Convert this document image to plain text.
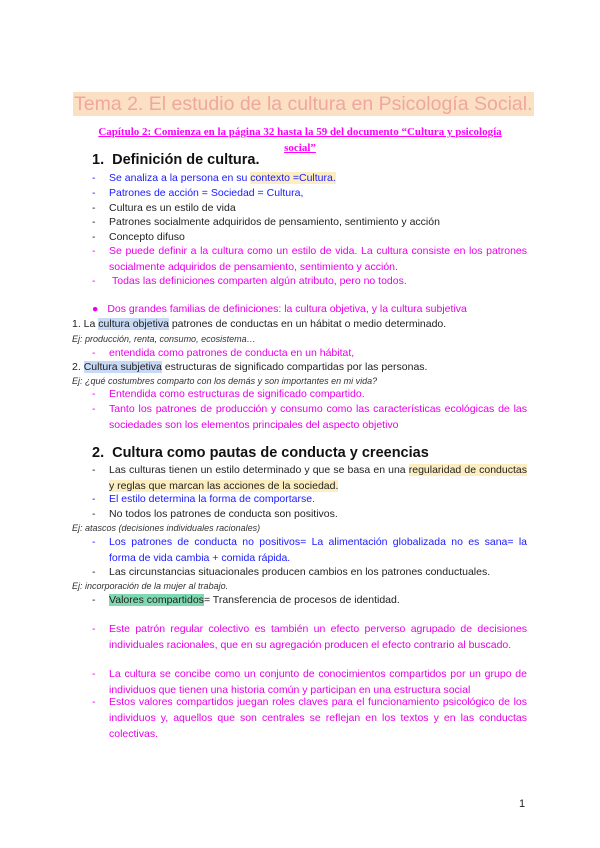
Tema 2. El estudio de la cultura en Psicología Social.
Capítulo 2: Comienza en la página 32 hasta la 59 del documento “Cultura y psicología
social”
1. Definición de cultura.
- Se analiza a la persona en su contexto =Cultura.
- Patrones de acción = Sociedad = Cultura,
- Cultura es un estilo de vida
- Patrones socialmente adquiridos de pensamiento, sentimiento y acción
- Concepto difuso
- Se puede definir a la cultura como un estilo de vida. La cultura consiste en los patrones socialmente adquiridos de pensamiento, sentimiento y acción.
- Todas las definiciones comparten algún atributo, pero no todos.
● Dos grandes familias de definiciones: la cultura objetiva, y la cultura subjetiva
1. La cultura objetiva patrones de conductas en un hábitat o medio determinado.
Ej: producción, renta, consumo, ecosistema…
- entendida como patrones de conducta en un hábitat,
2. Cultura subjetiva estructuras de significado compartidas por las personas.
Ej: ¿qué costumbres comparto con los demás y son importantes en mi vida?
- Entendida como estructuras de significado compartido.
- Tanto los patrones de producción y consumo como las características ecológicas de las sociedades son los elementos principales del aspecto objetivo
2. Cultura como pautas de conducta y creencias
- Las culturas tienen un estilo determinado y que se basa en una regularidad de conductas y reglas que marcan las acciones de la sociedad.
- El estilo determina la forma de comportarse.
- No todos los patrones de conducta son positivos.
Ej: atascos (decisiones individuales racionales)
- Los patrones de conducta no positivos= La alimentación globalizada no es sana= la forma de vida cambia + comida rápida.
- Las circunstancias situacionales producen cambios en los patrones conductuales.
Ej: incorporación de la mujer al trabajo.
- Valores compartidos= Transferencia de procesos de identidad.
- Este patrón regular colectivo es también un efecto perverso agrupado de decisiones individuales racionales, que en su agregación producen el efecto contrario al buscado.
- La cultura se concibe como un conjunto de conocimientos compartidos por un grupo de individuos que tienen una historia común y participan en una estructura social
- Estos valores compartidos juegan roles claves para el funcionamiento psicológico de los individuos y, aquellos que son centrales se reflejan en los textos y en las conductas colectivas.
1
